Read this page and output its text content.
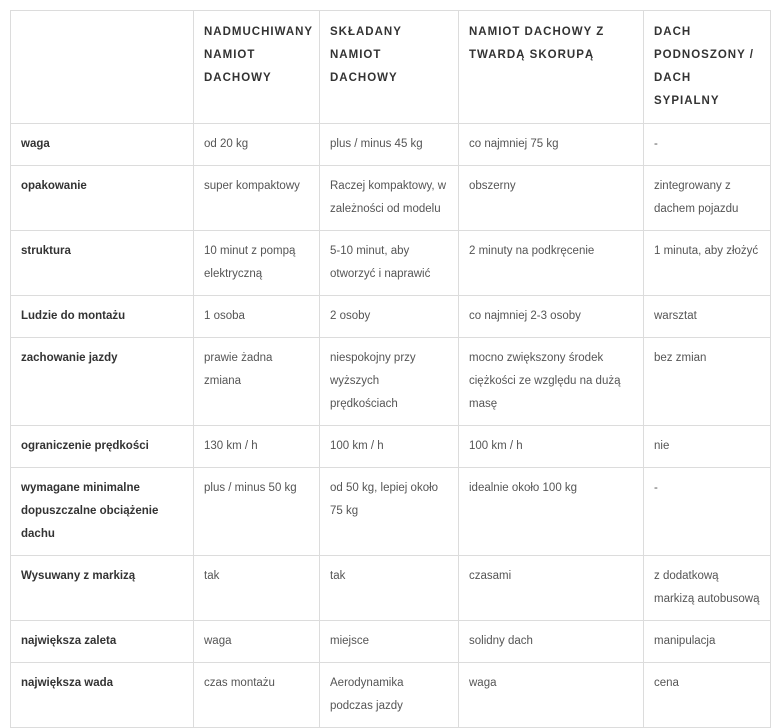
	NADMUCHIWANY NAMIOT DACHOWY	SKŁADANY NAMIOT DACHOWY	NAMIOT DACHOWY Z TWARDĄ SKORUPĄ	DACH PODNOSZONY / DACH SYPIALNY
waga	od 20 kg	plus / minus 45 kg	co najmniej 75 kg	-
opakowanie	super kompaktowy	Raczej kompaktowy, w zależności od modelu	obszerny	zintegrowany z dachem pojazdu
struktura	10 minut z pompą elektryczną	5-10 minut, aby otworzyć i naprawić	2 minuty na podkręcenie	1 minuta, aby złożyć
Ludzie do montażu	1 osoba	2 osoby	co najmniej 2-3 osoby	warsztat
zachowanie jazdy	prawie żadna zmiana	niespokojny przy wyższych prędkościach	mocno zwiększony środek ciężkości ze względu na dużą masę	bez zmian
ograniczenie prędkości	130 km / h	100 km / h	100 km / h	nie
wymagane minimalne dopuszczalne obciążenie dachu	plus / minus 50 kg	od 50 kg, lepiej około 75 kg	idealnie około 100 kg	-
Wysuwany z markizą	tak	tak	czasami	z dodatkową markizą autobusową
największa zaleta	waga	miejsce	solidny dach	manipulacja
największa wada	czas montażu	Aerodynamika podczas jazdy	waga	cena
